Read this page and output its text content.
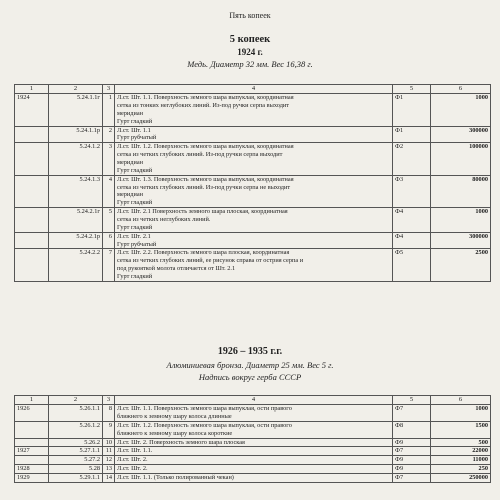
Пять копеек
5 копеек
1924 г.
Медь. Диаметр 32 мм. Вес 16,38 г.
1	2	3	4	5	6
1924	5.24.1.1г	1	Л.ст. Шт. 1.1. Поверхность земного шара выпуклая, координатная
сетка из тонких неглубоких линий. Из-под ручки серпа выходит
меридиан
Гурт гладкий	Ф1	1000
	5.24.1.1р	2	Л.ст. Шт. 1.1
Гурт рубчатый	Ф1	300000
	5.24.1.2	3	Л.ст. Шт. 1.2. Поверхность земного шара выпуклая, координатная
сетка из четких глубоких линий. Из-под ручки серпа выходит
меридиан
Гурт гладкий	Ф2	100000
	5.24.1.3	4	Л.ст. Шт. 1.3. Поверхность земного шара выпуклая, координатная
сетка из четких глубоких линий. Из-под ручки серпа не выходит
меридиан
Гурт гладкий	Ф3	80000
	5.24.2.1г	5	Л.ст. Шт. 2.1 Поверхность земного шара плоская, координатная
сетка из четких неглубоких линий.
Гурт гладкий	Ф4	1000
	5.24.2.1р	6	Л.ст. Шт. 2.1
Гурт рубчатый	Ф4	300000
	5.24.2.2	7	Л.ст. Шт. 2.2. Поверхность земного шара плоская, координатная
сетка из четких глубоких линий, ее рисунок справа от острия серпа и
под рукояткой молота отличается от Шт. 2.1
Гурт гладкий	Ф5	2500
1926 – 1935 г.г.
Алюминиевая бронза. Диаметр 25 мм. Вес 5 г.
Надпись вокруг герба СССР
1	2	3	4	5	6
1926	5.26.1.1	8	Л.ст. Шт. 1.1. Поверхность земного шара выпуклая, ости правого
ближнего к земному шару колоса длинные	Ф7	1000
	5.26.1.2	9	Л.ст. Шт. 1.2. Поверхность земного шара выпуклая, ости правого
ближнего к земному шару колоса короткие	Ф8	1500
	5.26.2	10	Л.ст. Шт. 2. Поверхность земного шара плоская	Ф9	500
1927	5.27.1.1	11	Л.ст. Шт. 1.1.	Ф7	22000
	5.27.2	12	Л.ст. Шт. 2.	Ф9	11000
1928	5.28	13	Л.ст. Шт. 2.	Ф9	250
1929	5.29.1.1	14	Л.ст. Шт. 1.1. (Только полированный чекан)	Ф7	250000
